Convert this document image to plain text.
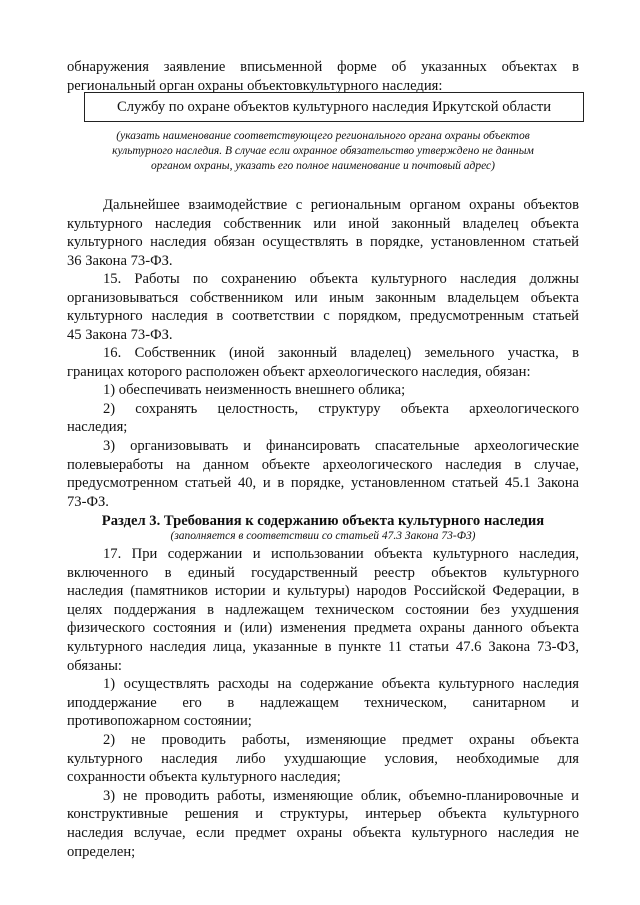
обнаружения заявление вписьменной форме об указанных объектах в
региональный орган охраны объектовкультурного наследия:
Службу по охране объектов культурного наследия Иркутской области
(указать наименование соответствующего регионального органа охраны объектов
культурного наследия. В случае если охранное обязательство утверждено не данным
органом охраны, указать его полное наименование и почтовый адрес)
Дальнейшее взаимодействие с региональным органом охраны объектов
культурного наследия собственник или иной законный владелец объекта
культурного наследия обязан осуществлять в порядке, установленном статьей
36 Закона 73-ФЗ.
15. Работы по сохранению объекта культурного наследия должны
организовываться собственником или иным законным владельцем объекта
культурного наследия в соответствии с порядком, предусмотренным статьей
45 Закона 73-ФЗ.
16. Собственник (иной законный владелец) земельного участка, в
границах которого расположен объект археологического наследия, обязан:
1) обеспечивать неизменность внешнего облика;
2) сохранять целостность, структуру объекта археологического
наследия;
3) организовывать и финансировать спасательные археологические
полевыеработы на данном объекте археологического наследия в случае,
предусмотренном статьей 40, и в порядке, установленном статьей 45.1 Закона
73-ФЗ.
Раздел 3. Требования к содержанию объекта культурного наследия
(заполняется в соответствии со статьей 47.3 Закона 73-ФЗ)
17. При содержании и использовании объекта культурного наследия,
включенного в единый государственный реестр объектов культурного
наследия (памятников истории и культуры) народов Российской Федерации, в
целях поддержания в надлежащем техническом состоянии без ухудшения
физического состояния и (или) изменения предмета охраны данного объекта
культурного наследия лица, указанные в пункте 11 статьи 47.6 Закона 73-ФЗ,
обязаны:
1) осуществлять расходы на содержание объекта культурного наследия
иподдержание его в надлежащем техническом, санитарном и
противопожарном состоянии;
2) не проводить работы, изменяющие предмет охраны объекта
культурного наследия либо ухудшающие условия, необходимые для
сохранности объекта культурного наследия;
3) не проводить работы, изменяющие облик, объемно-планировочные и
конструктивные решения и структуры, интерьер объекта культурного
наследия вслучае, если предмет охраны объекта культурного наследия не
определен;
